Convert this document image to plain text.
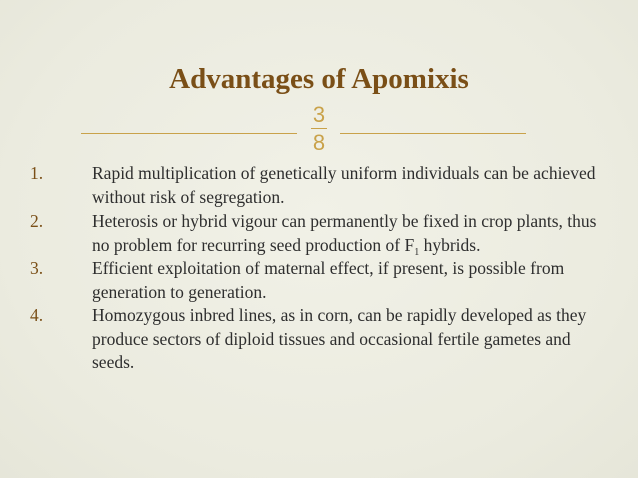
Advantages of Apomixis
3
8
1.	Rapid multiplication of genetically uniform individuals can be achieved without risk of segregation.
2.	Heterosis or hybrid vigour can permanently be fixed in crop plants, thus no problem for recurring seed production of $F_1$ hybrids.
3.	Efficient exploitation of maternal effect, if present, is possible from generation to generation.
4.	Homozygous inbred lines, as in corn, can be rapidly developed as they produce sectors of diploid tissues and occasional fertile gametes and seeds.
